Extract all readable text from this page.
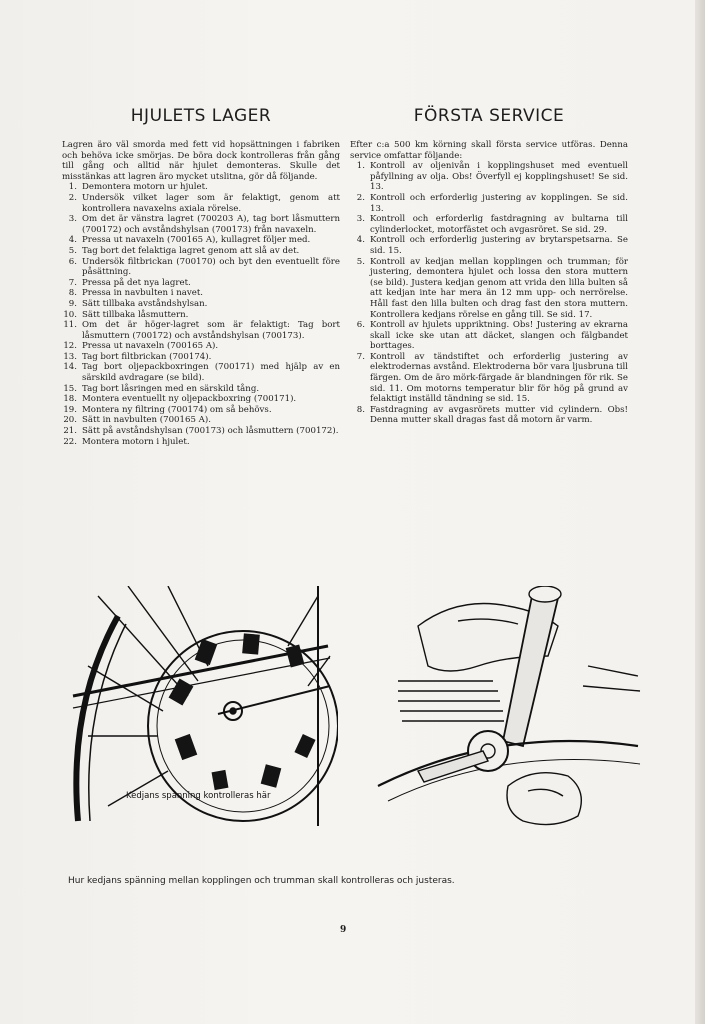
HJULETS LAGER

Lagren äro väl smorda med fett vid hopsättningen i fabriken och behöva icke smörjas. De böra dock kontrolleras från gång till gång och alltid när hjulet demonteras. Skulle det misstänkas att lagren äro mycket utslitna, gör då följande.

1. Demontera motorn ur hjulet.
2. Undersök vilket lager som är felaktigt, genom att kontrollera navaxelns axiala rörelse.
3. Om det är vänstra lagret (700203 A), tag bort låsmuttern (700172) och avståndshylsan (700173) från navaxeln.
4. Pressa ut navaxeln (700165 A), kullagret följer med.
5. Tag bort det felaktiga lagret genom att slå av det.
6. Undersök filtbrickan (700170) och byt den eventuellt före påsättning.
7. Pressa på det nya lagret.
8. Pressa in navbulten i navet.
9. Sätt tillbaka avståndshylsan.
10. Sätt tillbaka låsmuttern.
11. Om det är höger-lagret som är felaktigt: Tag bort låsmuttern (700172) och avståndshylsan (700173).
12. Pressa ut navaxeln (700165 A).
13. Tag bort filtbrickan (700174).
14. Tag bort oljepackboxringen (700171) med hjälp av en särskild avdragare (se bild).
15. Tag bort låsringen med en särskild tång.
18. Montera eventuellt ny oljepackboxring (700171).
19. Montera ny filtring (700174) om så behövs.
20. Sätt in navbulten (700165 A).
21. Sätt på avståndshylsan (700173) och låsmuttern (700172).
22. Montera motorn i hjulet.
FÖRSTA SERVICE

Efter c:a 500 km körning skall första service utföras. Denna service omfattar följande:

1. Kontroll av oljenivån i kopplingshuset med eventuell påfyllning av olja. Obs! Överfyll ej kopplingshuset! Se sid. 13.
2. Kontroll och erforderlig justering av kopplingen. Se sid. 13.
3. Kontroll och erforderlig fastdragning av bultarna till cylinderlocket, motorfästet och avgasröret. Se sid. 29.
4. Kontroll och erforderlig justering av brytarspetsarna. Se sid. 15.
5. Kontroll av kedjan mellan kopplingen och trumman; för justering, demontera hjulet och lossa den stora muttern (se bild). Justera kedjan genom att vrida den lilla bulten så att kedjan inte har mera än 12 mm upp- och nerrörelse. Håll fast den lilla bulten och drag fast den stora muttern. Kontrollera kedjans rörelse en gång till. Se sid. 17.
6. Kontroll av hjulets uppriktning. Obs! Justering av ekrarna skall icke ske utan att däcket, slangen och fälgbandet borttages.
7. Kontroll av tändstiftet och erforderlig justering av elektrodernas avstånd. Elektroderna bör vara ljusbruna till färgen. Om de äro mörk-färgade är blandningen för rik. Se sid. 11. Om motorns temperatur blir för hög på grund av felaktigt inställd tändning se sid. 15.
8. Fastdragning av avgasrörets mutter vid cylindern. Obs! Denna mutter skall dragas fast då motorn är varm.
Kedjans spänning kontrolleras här

Hur kedjans spänning mellan kopplingen och trumman skall kontrolleras och justeras.

9
